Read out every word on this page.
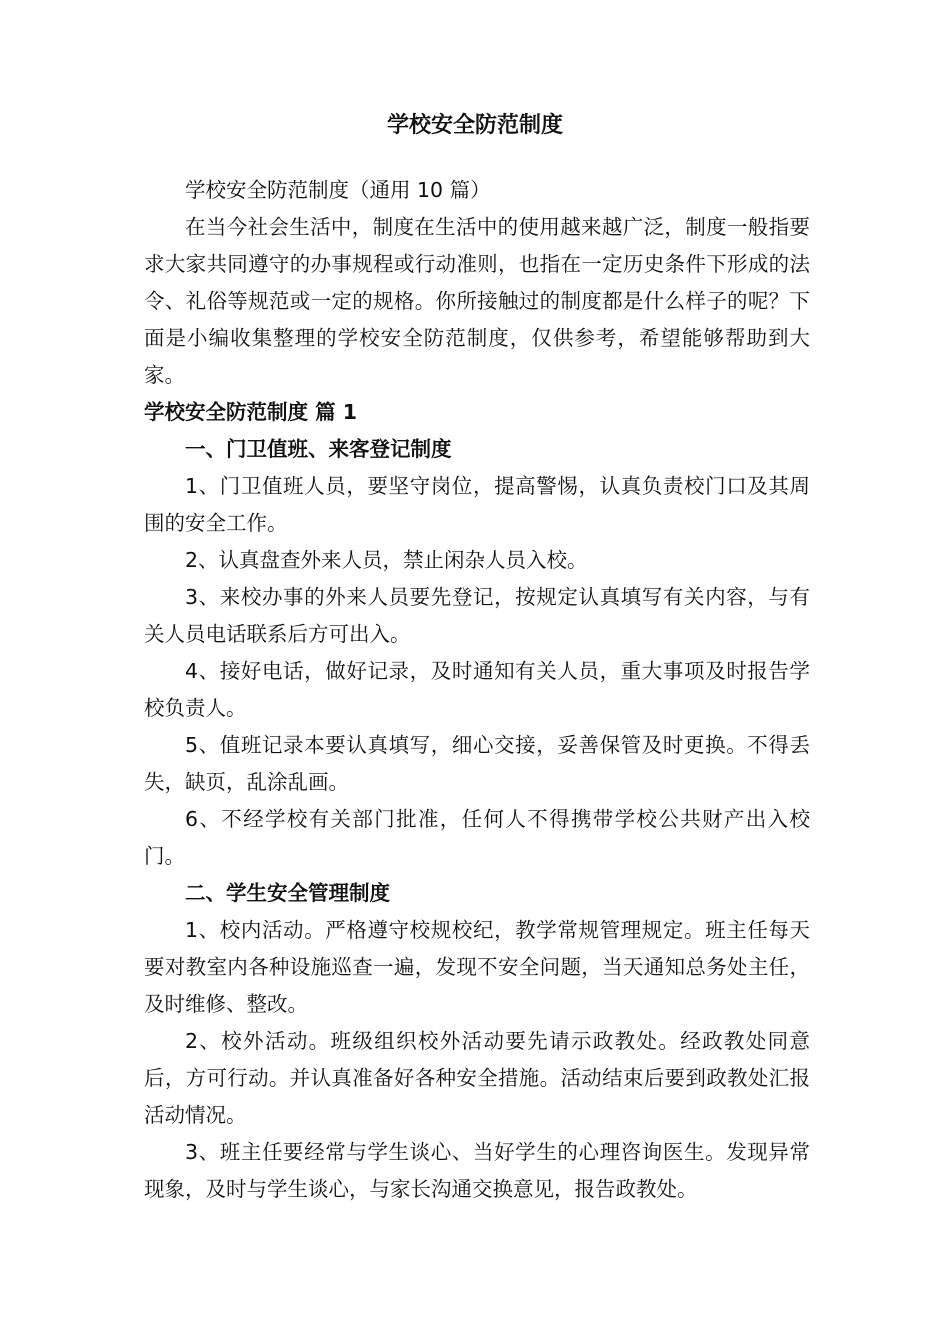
学校安全防范制度

学校安全防范制度（通用 10 篇）

在当今社会生活中，制度在生活中的使用越来越广泛，制度一般指要求大家共同遵守的办事规程或行动准则，也指在一定历史条件下形成的法令、礼俗等规范或一定的规格。你所接触过的制度都是什么样子的呢？下面是小编收集整理的学校安全防范制度，仅供参考，希望能够帮助到大家。

学校安全防范制度 篇 1

一、门卫值班、来客登记制度

1、门卫值班人员，要坚守岗位，提高警惕，认真负责校门口及其周围的安全工作。

2、认真盘查外来人员，禁止闲杂人员入校。

3、来校办事的外来人员要先登记，按规定认真填写有关内容，与有关人员电话联系后方可出入。

4、接好电话，做好记录，及时通知有关人员，重大事项及时报告学校负责人。

5、值班记录本要认真填写，细心交接，妥善保管及时更换。不得丢失，缺页，乱涂乱画。

6、不经学校有关部门批准，任何人不得携带学校公共财产出入校门。

二、学生安全管理制度

1、校内活动。严格遵守校规校纪，教学常规管理规定。班主任每天要对教室内各种设施巡查一遍，发现不安全问题，当天通知总务处主任，及时维修、整改。

2、校外活动。班级组织校外活动要先请示政教处。经政教处同意后，方可行动。并认真准备好各种安全措施。活动结束后要到政教处汇报活动情况。

3、班主任要经常与学生谈心、当好学生的心理咨询医生。发现异常现象，及时与学生谈心，与家长沟通交换意见，报告政教处。
